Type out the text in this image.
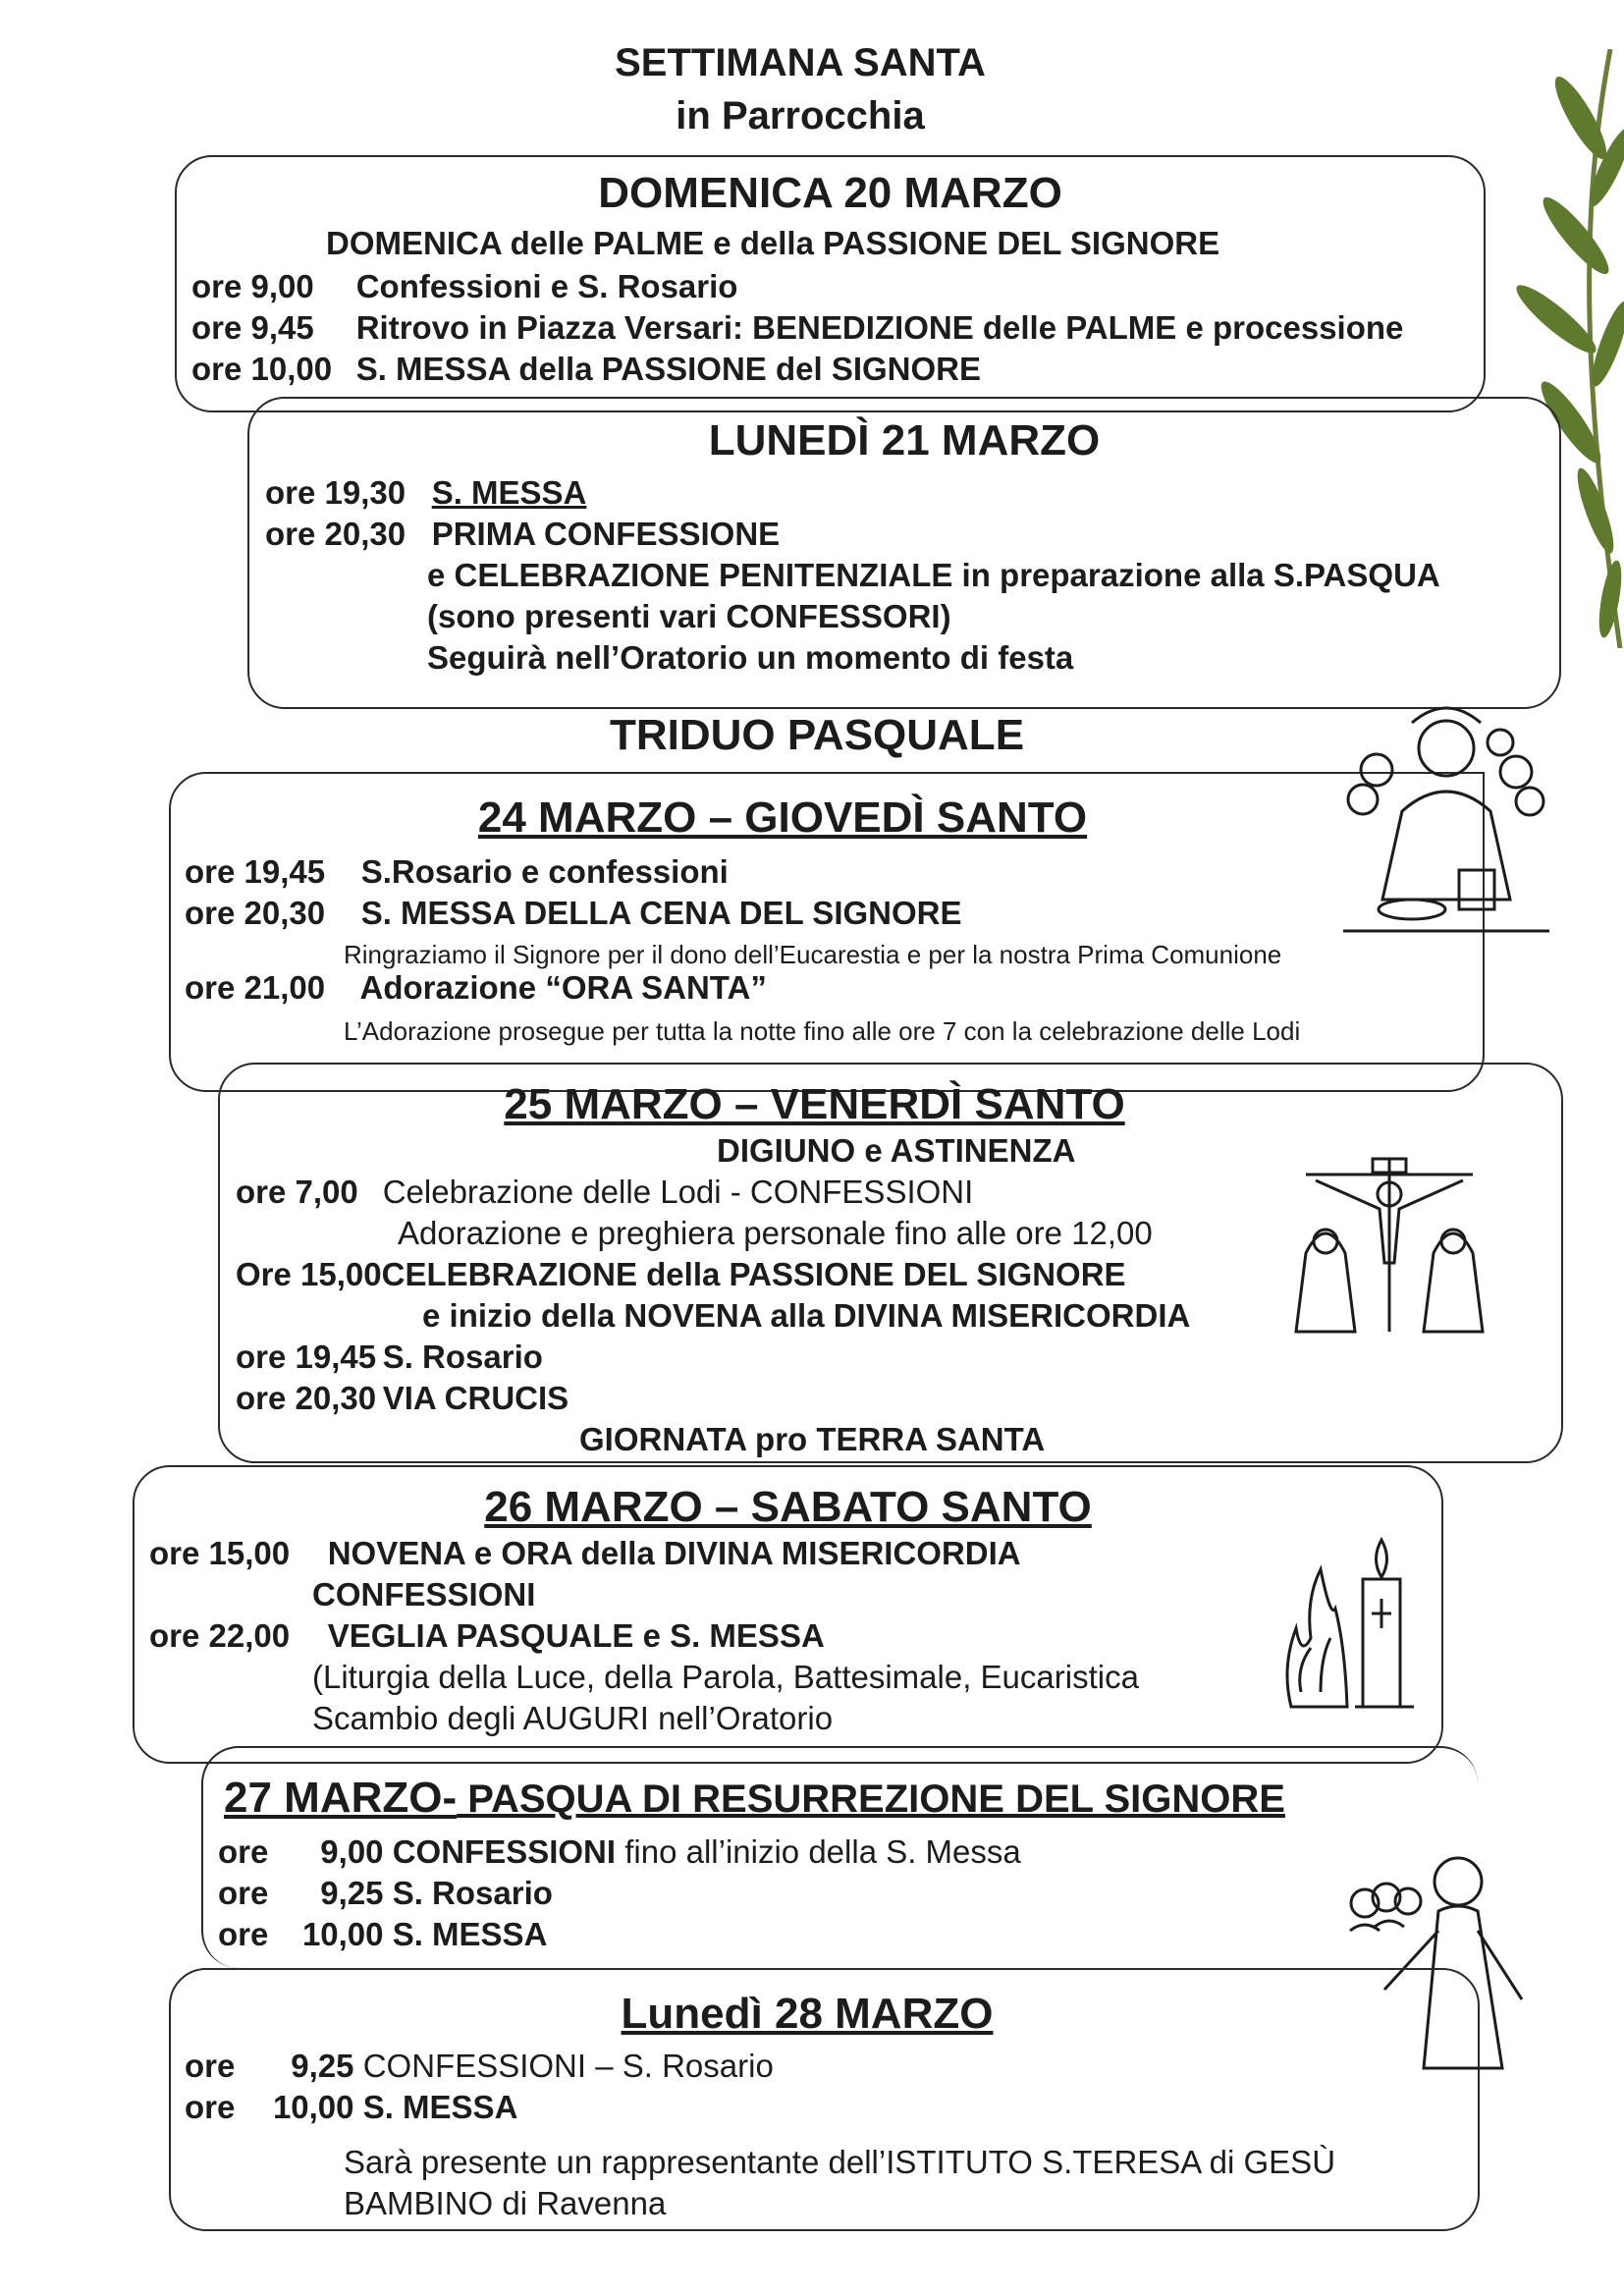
SETTIMANA SANTA
in Parrocchia
DOMENICA 20 MARZO
DOMENICA delle PALME e della PASSIONE DEL SIGNORE
ore 9,00 Confessioni e S. Rosario
ore 9,45 Ritrovo in Piazza Versari: BENEDIZIONE delle PALME e processione
ore 10,00 S. MESSA della PASSIONE del SIGNORE
LUNEDÌ 21 MARZO
ore 19,30 S. MESSA
ore 20,30 PRIMA CONFESSIONE
e CELEBRAZIONE PENITENZIALE in preparazione alla S.PASQUA
(sono presenti vari CONFESSORI)
Seguirà nell’Oratorio un momento di festa
TRIDUO PASQUALE
24 MARZO – GIOVEDÌ SANTO
ore 19,45 S.Rosario e confessioni
ore 20,30 S. MESSA DELLA CENA DEL SIGNORE
Ringraziamo il Signore per il dono dell’Eucarestia e per la nostra Prima Comunione
ore 21,00 Adorazione “ORA SANTA”
L’Adorazione prosegue per tutta la notte fino alle ore 7 con la celebrazione delle Lodi
25 MARZO – VENERDÌ SANTO
DIGIUNO e ASTINENZA
ore 7,00 Celebrazione delle Lodi - CONFESSIONI
Adorazione e preghiera personale fino alle ore 12,00
Ore 15,00CELEBRAZIONE della PASSIONE DEL SIGNORE
e inizio della NOVENA alla DIVINA MISERICORDIA
ore 19,45 S. Rosario
ore 20,30 VIA CRUCIS
GIORNATA pro TERRA SANTA
26 MARZO – SABATO SANTO
ore 15,00 NOVENA e ORA della DIVINA MISERICORDIA
CONFESSIONI
ore 22,00 VEGLIA PASQUALE e S. MESSA
(Liturgia della Luce, della Parola, Battesimale, Eucaristica
Scambio degli AUGURI nell’Oratorio
27 MARZO- PASQUA DI RESURREZIONE DEL SIGNORE
ore 9,00 CONFESSIONI fino all’inizio della S. Messa
ore 9,25 S. Rosario
ore 10,00 S. MESSA
Lunedì 28 MARZO
ore 9,25 CONFESSIONI – S. Rosario
ore 10,00 S. MESSA
Sarà presente un rappresentante dell’ISTITUTO S.TERESA di GESÙ
BAMBINO di Ravenna
